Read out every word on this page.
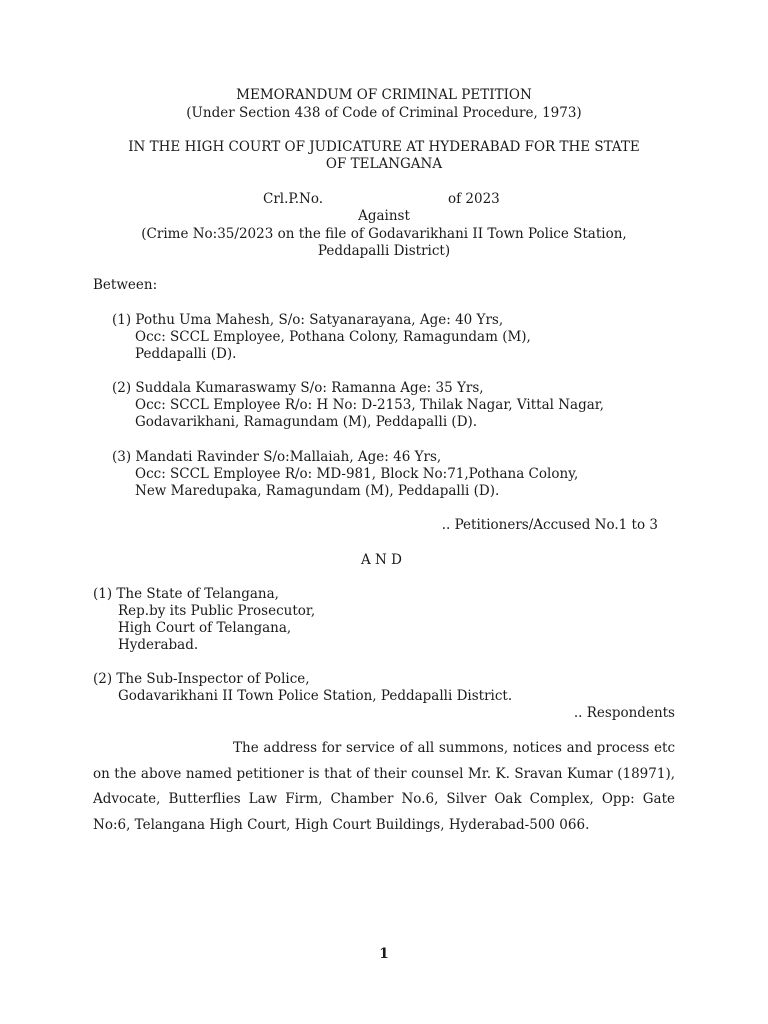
MEMORANDUM OF CRIMINAL PETITION
(Under Section 438 of Code of Criminal Procedure, 1973)
IN THE HIGH COURT OF JUDICATURE AT HYDERABAD FOR THE STATE
OF TELANGANA
Crl.P.No.	of 2023
Against
(Crime No:35/2023 on the file of Godavarikhani II Town Police Station,
Peddapalli District)
Between:
(1) Pothu Uma Mahesh, S/o: Satyanarayana, Age: 40 Yrs,
Occ: SCCL Employee, Pothana Colony, Ramagundam (M),
Peddapalli (D).
(2) Suddala Kumaraswamy S/o: Ramanna Age: 35 Yrs,
Occ: SCCL Employee R/o: H No: D-2153, Thilak Nagar, Vittal Nagar,
Godavarikhani, Ramagundam (M), Peddapalli (D).
(3) Mandati Ravinder S/o:Mallaiah, Age: 46 Yrs,
Occ: SCCL Employee R/o: MD-981, Block No:71,Pothana Colony,
New Maredupaka, Ramagundam (M), Peddapalli (D).
.. Petitioners/Accused No.1 to 3
A N D
(1) The State of Telangana,
Rep.by its Public Prosecutor,
High Court of Telangana,
Hyderabad.
(2) The Sub-Inspector of Police,
Godavarikhani II Town Police Station, Peddapalli District.
.. Respondents
The address for service of all summons, notices and process etc on the above named petitioner is that of their counsel Mr. K. Sravan Kumar (18971), Advocate, Butterflies Law Firm, Chamber No.6, Silver Oak Complex, Opp: Gate No:6, Telangana High Court, High Court Buildings, Hyderabad-500 066.
1
